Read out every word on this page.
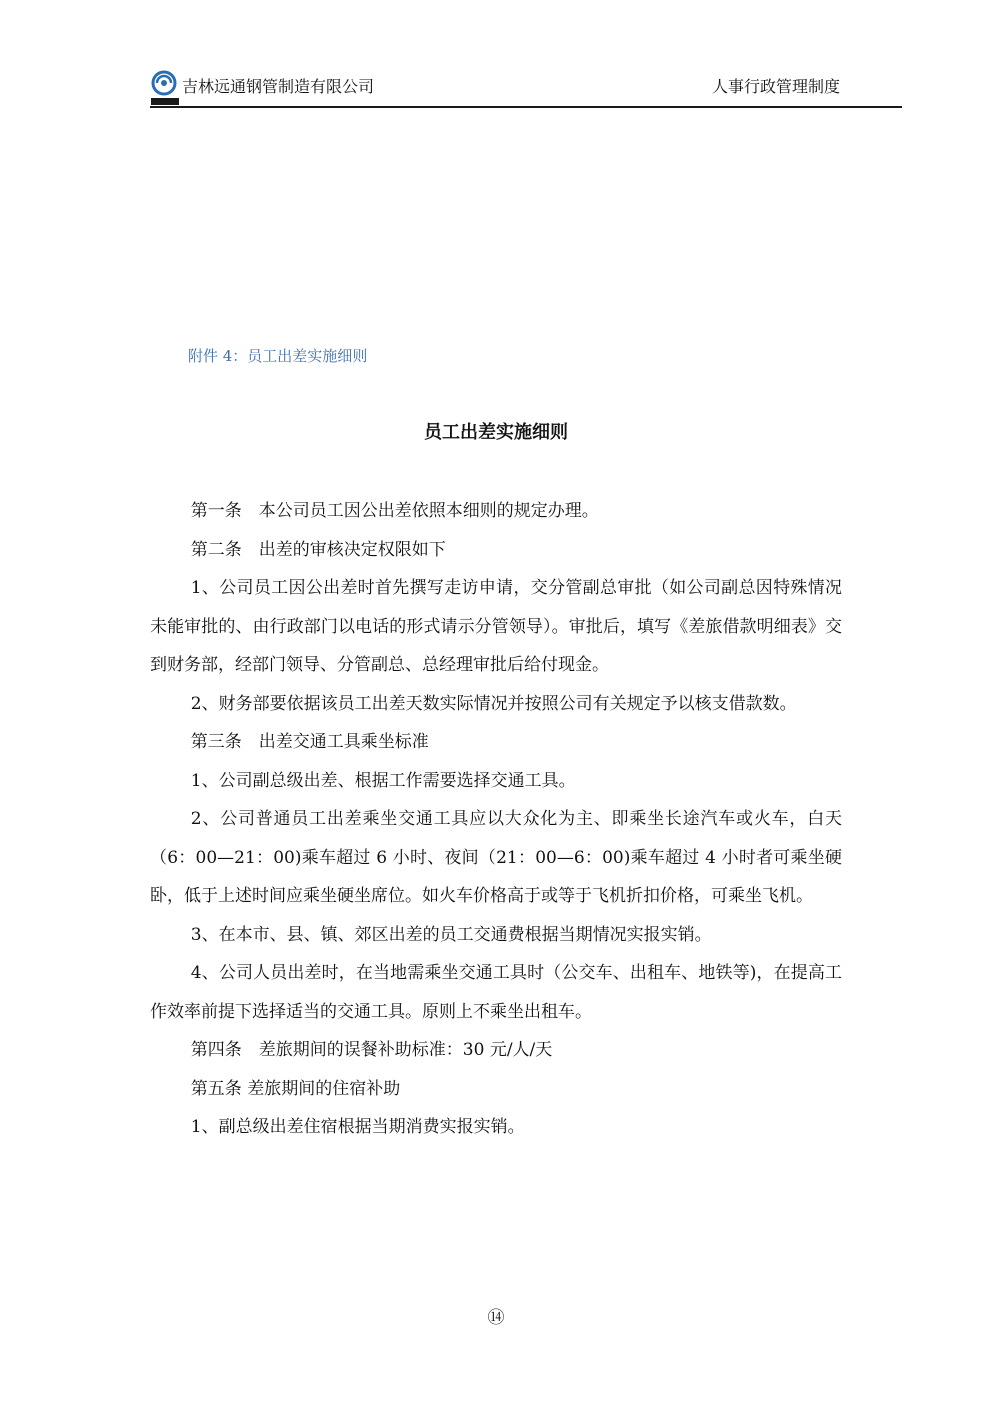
吉林远通钢管制造有限公司	人事行政管理制度
附件 4：员工出差实施细则
员工出差实施细则

第一条　本公司员工因公出差依照本细则的规定办理。

第二条　出差的审核决定权限如下

1、公司员工因公出差时首先撰写走访申请，交分管副总审批（如公司副总因特殊情况未能审批的、由行政部门以电话的形式请示分管领导）。审批后，填写《差旅借款明细表》交到财务部，经部门领导、分管副总、总经理审批后给付现金。

2、财务部要依据该员工出差天数实际情况并按照公司有关规定予以核支借款数。

第三条　出差交通工具乘坐标准

1、公司副总级出差、根据工作需要选择交通工具。

2、公司普通员工出差乘坐交通工具应以大众化为主、即乘坐长途汽车或火车，白天（6：00—21：00)乘车超过 6 小时、夜间（21：00—6：00)乘车超过 4 小时者可乘坐硬卧，低于上述时间应乘坐硬坐席位。如火车价格高于或等于飞机折扣价格，可乘坐飞机。

3、在本市、县、镇、郊区出差的员工交通费根据当期情况实报实销。

4、公司人员出差时，在当地需乘坐交通工具时（公交车、出租车、地铁等)，在提高工作效率前提下选择适当的交通工具。原则上不乘坐出租车。

第四条　差旅期间的误餐补助标准：30 元/人/天

第五条 差旅期间的住宿补助

1、副总级出差住宿根据当期消费实报实销。

⑭
